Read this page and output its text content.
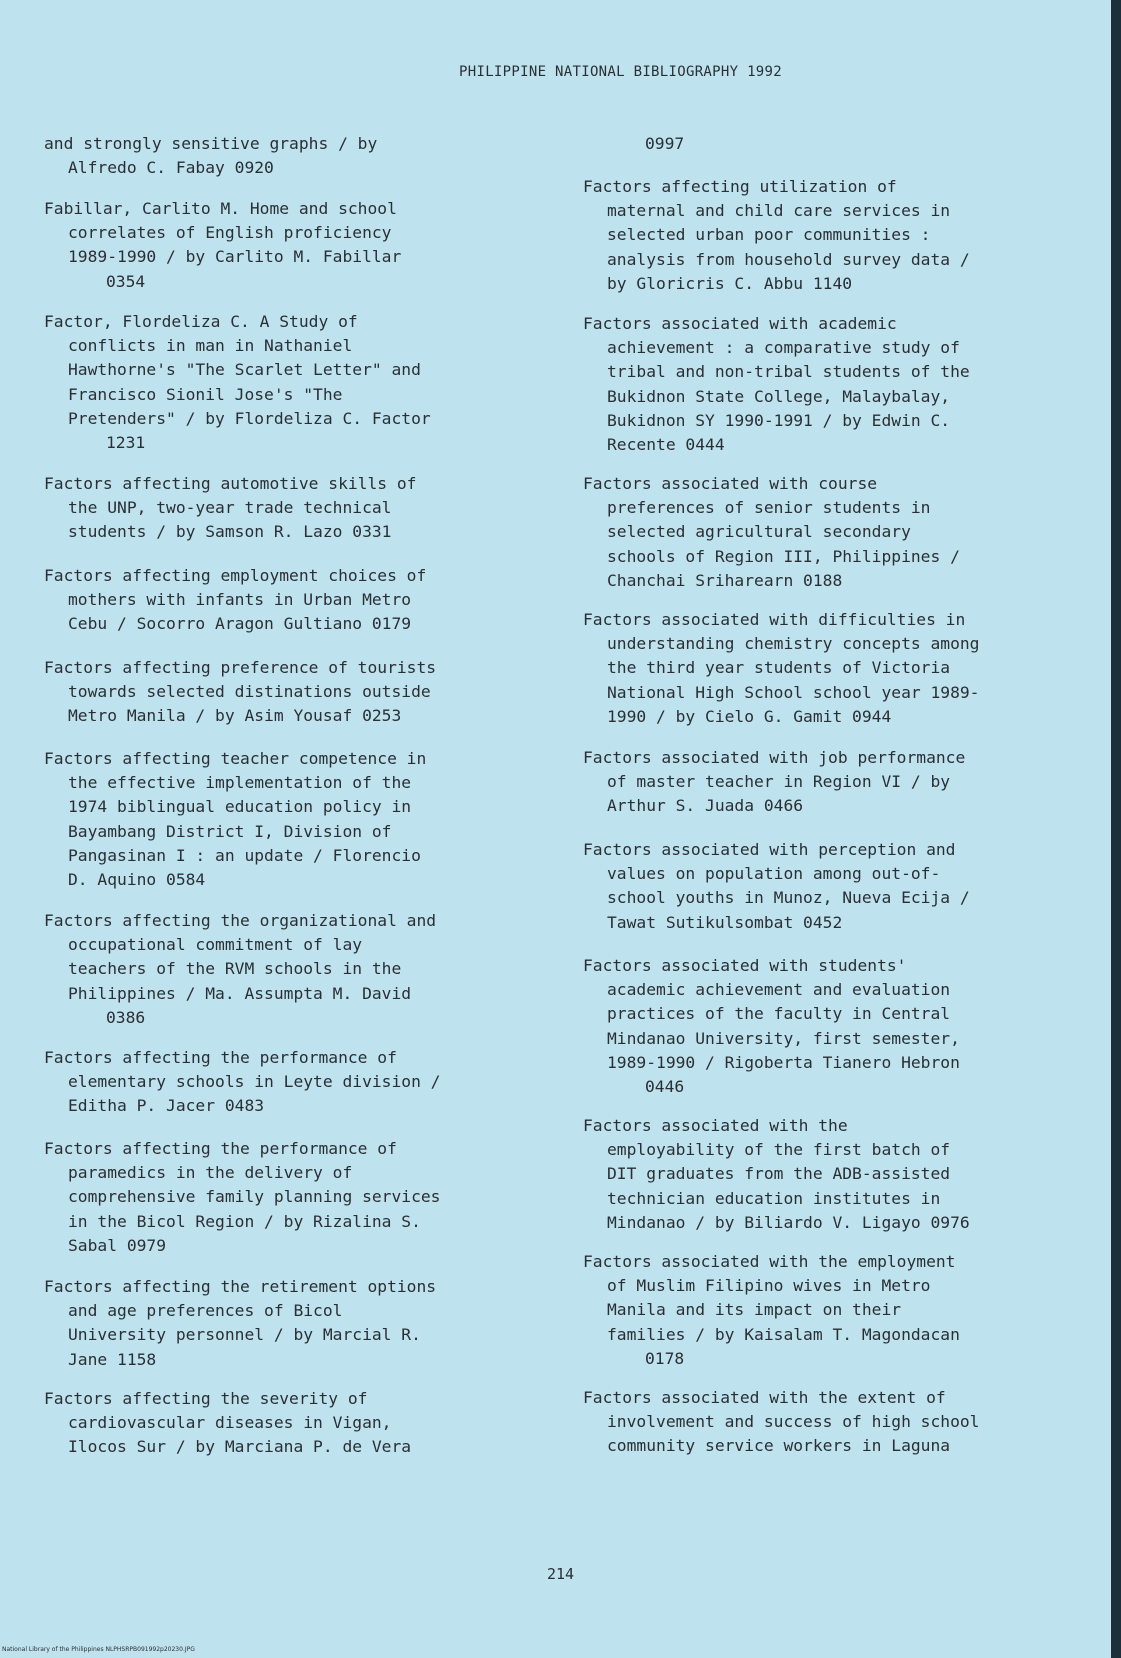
PHILIPPINE NATIONAL BIBLIOGRAPHY 1992

and strongly sensitive graphs / by
Alfredo C. Fabay 0920

Fabillar, Carlito M. Home and school
correlates of English proficiency
1989-1990 / by Carlito M. Fabillar
0354

Factor, Flordeliza C. A Study of
conflicts in man in Nathaniel
Hawthorne's "The Scarlet Letter" and
Francisco Sionil Jose's "The
Pretenders" / by Flordeliza C. Factor
1231

Factors affecting automotive skills of
the UNP, two-year trade technical
students / by Samson R. Lazo 0331

Factors affecting employment choices of
mothers with infants in Urban Metro
Cebu / Socorro Aragon Gultiano 0179

Factors affecting preference of tourists
towards selected distinations outside
Metro Manila / by Asim Yousaf 0253

Factors affecting teacher competence in
the effective implementation of the
1974 biblingual education policy in
Bayambang District I, Division of
Pangasinan I : an update / Florencio
D. Aquino 0584

Factors affecting the organizational and
occupational commitment of lay
teachers of the RVM schools in the
Philippines / Ma. Assumpta M. David
0386

Factors affecting the performance of
elementary schools in Leyte division /
Editha P. Jacer 0483

Factors affecting the performance of
paramedics in the delivery of
comprehensive family planning services
in the Bicol Region / by Rizalina S.
Sabal 0979

Factors affecting the retirement options
and age preferences of Bicol
University personnel / by Marcial R.
Jane 1158

Factors affecting the severity of
cardiovascular diseases in Vigan,
Ilocos Sur / by Marciana P. de Vera

0997

Factors affecting utilization of
maternal and child care services in
selected urban poor communities :
analysis from household survey data /
by Gloricris C. Abbu 1140

Factors associated with academic
achievement : a comparative study of
tribal and non-tribal students of the
Bukidnon State College, Malaybalay,
Bukidnon SY 1990-1991 / by Edwin C.
Recente 0444

Factors associated with course
preferences of senior students in
selected agricultural secondary
schools of Region III, Philippines /
Chanchai Sriharearn 0188

Factors associated with difficulties in
understanding chemistry concepts among
the third year students of Victoria
National High School school year 1989-
1990 / by Cielo G. Gamit 0944

Factors associated with job performance
of master teacher in Region VI / by
Arthur S. Juada 0466

Factors associated with perception and
values on population among out-of-
school youths in Munoz, Nueva Ecija /
Tawat Sutikulsombat 0452

Factors associated with students'
academic achievement and evaluation
practices of the faculty in Central
Mindanao University, first semester,
1989-1990 / Rigoberta Tianero Hebron
0446

Factors associated with the
employability of the first batch of
DIT graduates from the ADB-assisted
technician education institutes in
Mindanao / by Biliardo V. Ligayo 0976

Factors associated with the employment
of Muslim Filipino wives in Metro
Manila and its impact on their
families / by Kaisalam T. Magondacan
0178

Factors associated with the extent of
involvement and success of high school
community service workers in Laguna

214
National Library of the Philippines NLPHSRPB091992p20230.JPG
